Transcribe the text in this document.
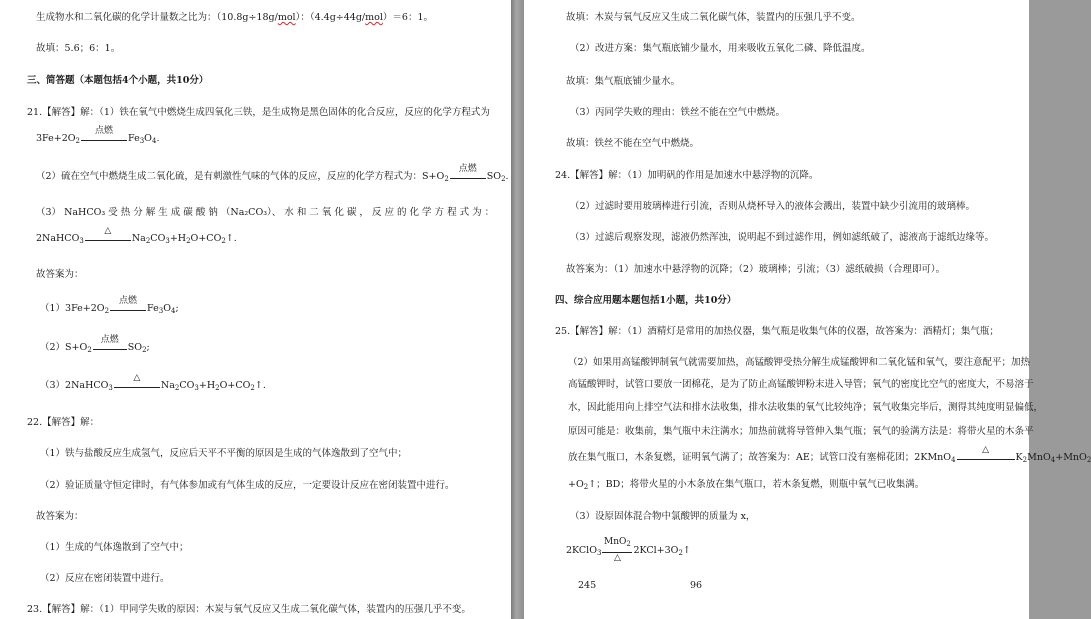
生成物水和二氧化碳的化学计量数之比为：（10.8g÷18g/mol）：（4.4g÷44g/mol）＝6：1。
故填：5.6；6：1。
三、简答题（本题包括4个小题，共10分）
21.【解答】解：（1）铁在氧气中燃烧生成四氧化三铁，是生成物是黑色固体的化合反应，反应的化学方程式为
$3Fe+2O_2$
点燃
$Fe_3O_4$.
（2）硫在空气中燃烧生成二氧化硫，是有刺激性气味的气体的反应，反应的化学方程式为：$S+O_2$
点燃
$SO_2$.
（3） NaHCO₃ 受 热 分 解 生 成 碳 酸 钠 （Na₂CO₃）、 水 和 二 氧 化 碳 ， 反 应 的 化 学 方 程 式 为 ：
2NaHCO$_3$
△
$Na_2CO_3+H_2O+CO_2↑$.
故答案为：
$(1)3Fe+2O_2$
点燃
$Fe_3O_4$;
$(2)S+O_2$
点燃
$SO_2$;
（3）2NaHCO$_3$
△
$Na_2CO_3+H_2O+CO_2↑$.
22.【解答】解：
（1）铁与盐酸反应生成氢气，反应后天平不平衡的原因是生成的气体逸散到了空气中；
（2）验证质量守恒定律时，有气体参加或有气体生成的反应，一定要设计反应在密闭装置中进行。
故答案为：
（1）生成的气体逸散到了空气中；
（2）反应在密闭装置中进行。
23.【解答】解：（1）甲同学失败的原因：木炭与氧气反应又生成二氧化碳气体，装置内的压强几乎不变。
故填：木炭与氧气反应又生成二氧化碳气体，装置内的压强几乎不变。
（2）改进方案：集气瓶底铺少量水，用来吸收五氧化二磷、降低温度。
故填：集气瓶底铺少量水。
（3）丙同学失败的理由：铁丝不能在空气中燃烧。
故填：铁丝不能在空气中燃烧。
24.【解答】解：（1）加明矾的作用是加速水中悬浮物的沉降。
（2）过滤时要用玻璃棒进行引流，否则从烧杯导入的液体会溅出，装置中缺少引流用的玻璃棒。
（3）过滤后观察发现，滤液仍然浑浊，说明起不到过滤作用，例如滤纸破了，滤液高于滤纸边缘等。
故答案为：（1）加速水中悬浮物的沉降；（2）玻璃棒；引流；（3）滤纸破损（合理即可）。
四、综合应用题本题包括1小题，共10分）
25.【解答】解：（1）酒精灯是常用的加热仪器，集气瓶是收集气体的仪器，故答案为：酒精灯；集气瓶；
（2）如果用高锰酸钾制氧气就需要加热，高锰酸钾受热分解生成锰酸钾和二氧化锰和氧气，要注意配平；加热
高锰酸钾时，试管口要放一团棉花，是为了防止高锰酸钾粉末进入导管；氧气的密度比空气的密度大，不易溶于
水，因此能用向上排空气法和排水法收集，排水法收集的氧气比较纯净；氧气收集完毕后，测得其纯度明显偏低，
原因可能是：收集前，集气瓶中未注满水；加热前就将导管伸入集气瓶；氧气的验满方法是：将带火星的木条平
放在集气瓶口，木条复燃，证明氧气满了；故答案为：AE；试管口没有塞棉花团；2KMnO$_4$
△
$K_2MnO_4+MnO_2$
$+O_2↑$；BD；将带火星的小木条放在集气瓶口，若木条复燃，则瓶中氧气已收集满。
（3）设原固体混合物中氯酸钾的质量为 x，
2KClO$_3$
MnO$_2$
△
$2KCl+3O_2↑$
245	96
